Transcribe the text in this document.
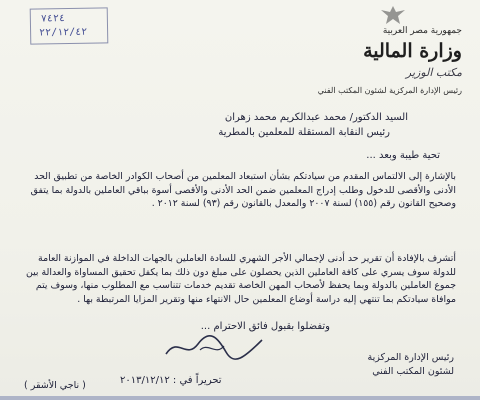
٧٤٢٤
٢٢/١٢/٤٢	جمهورية مصر العربية
وزارة المالية
مكتب الوزير
رئيس الإدارة المركزية لشئون المكتب الفني
السيد الدكتور/ محمد عبدالكريم محمد زهران
رئيس النقابة المستقلة للمعلمين بالمطرية
تحية طيبة وبعد ...
بالإشارة إلى الالتماس المقدم من سيادتكم بشأن استبعاد المعلمين من أصحاب الكوادر الخاصة من تطبيق الحد الأدنى والأقصى للدخول وطلب إدراج المعلمين ضمن الحد الأدنى والأقصى أسوة بباقي العاملين بالدولة بما يتفق وصحيح القانون رقم (١٥٥) لسنة ٢٠٠٧ والمعدل بالقانون رقم (٩٣) لسنة ٢٠١٢ .
أتشرف بالإفادة أن تقرير حد أدنى لإجمالي الأجر الشهري للسادة العاملين بالجهات الداخلة في الموازنة العامة للدولة سوف يسري على كافة العاملين الذين يحصلون على مبلغ دون ذلك بما يكفل تحقيق المساواة والعدالة بين جموع العاملين بالدولة وبما يحفظ لأصحاب المهن الخاصة تقديم خدمات تتناسب مع المطلوب منها، وسوف يتم موافاة سيادتكم بما تنتهي إليه دراسة أوضاع المعلمين حال الانتهاء منها وتقرير المزايا المرتبطة بها .
وتفضلوا بقبول فائق الاحترام ...
رئيس الإدارة المركزية
لشئون المكتب الفني
تحريراً في : ٢٠١٣/١٢/١٢
( ناجي الأشقر )
